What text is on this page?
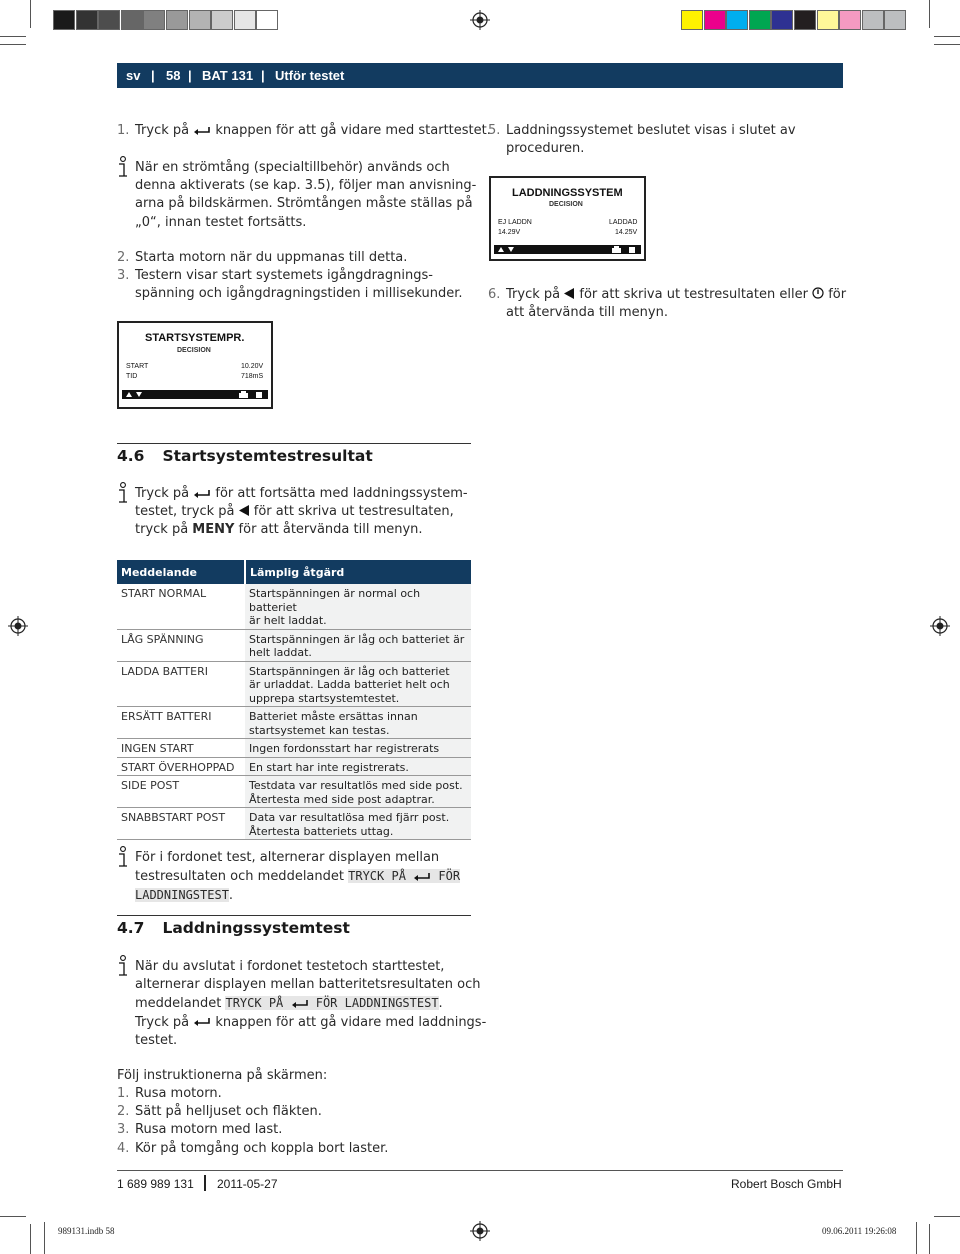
sv | 58 | BAT 131 | Utför testet
1. Tryck på  knappen för att gå vidare med starttestet.
När en strömtång (specialtillbehör) används och
denna aktiverats (se kap. 3.5), följer man anvisning-
arna på bildskärmen. Strömtången måste ställas på
„0“, innan testet fortsätts.
2. Starta motorn när du uppmanas till detta.
3. Testern visar start systemets igångdragnings-
spänning och igångdragningstiden i millisekunder.
STARTSYSTEMPR.
DECISION
START	10.20V
TID	718mS
5. Laddningssystemet beslutet visas i slutet av
proceduren.
LADDNINGSSYSTEM
DECISION
EJ LADDN
14.29V
LADDAD
14.25V
6. Tryck på  för att skriva ut testresultaten eller  för
att återvända till menyn.
4.6 Startsystemtestresultat
Tryck på  för att fortsätta med laddningssystem-
testet, tryck på  för att skriva ut testresultaten,
tryck på MENY för att återvända till menyn.
Meddelande	Lämplig åtgärd
START NORMAL	Startspänningen är normal och batteriet
är helt laddat.

LÅG SPÄNNING	Startspänningen är låg och batteriet är
helt laddat.

LADDA BATTERI	Startspänningen är låg och batteriet
är urladdat. Ladda batteriet helt och
upprepa startsystemtestet.

ERSÄTT BATTERI	Batteriet måste ersättas innan
startsystemet kan testas.

INGEN START	Ingen fordonsstart har registrerats

START ÖVERHOPPAD	En start har inte registrerats.

SIDE POST	Testdata var resultatlös med side post.
Återtesta med side post adaptrar.

SNABBSTART POST	Data var resultatlösa med fjärr post.
Återtesta batteriets uttag.
För i fordonet test, alternerar displayen mellan
testresultaten och meddelandet TRYCK PÅ  FÖR
LADDNINGSTEST.
4.7 Laddningssystemtest
När du avslutat i fordonet testetoch starttestet,
alternerar displayen mellan batteritetsresultaten och
meddelandet TRYCK PÅ  FÖR LADDNINGSTEST.
Tryck på  knappen för att gå vidare med laddnings-
testet.
Följ instruktionerna på skärmen:
1. Rusa motorn.
2. Sätt på helljuset och fläkten.
3. Rusa motorn med last.
4. Kör på tomgång och koppla bort laster.
1 689 989 131 2011-05-27	Robert Bosch GmbH
989131.indb 58	09.06.2011 19:26:08
